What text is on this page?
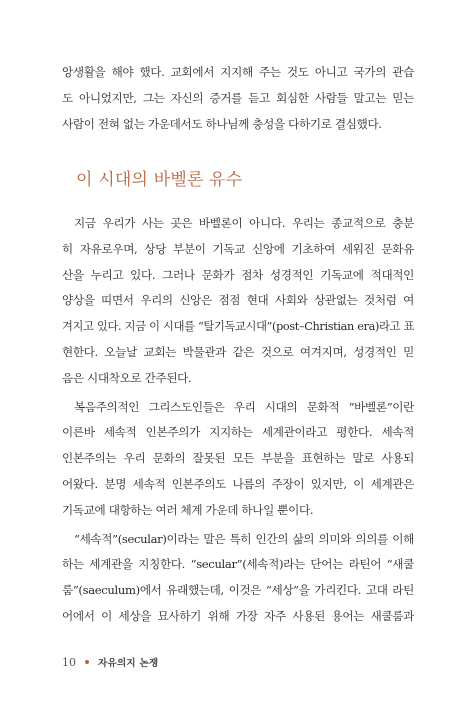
앙생활을 해야 했다. 교회에서 지지해 주는 것도 아니고 국가의 관습
도 아니었지만, 그는 자신의 증거를 듣고 회심한 사람들 말고는 믿는
사람이 전혀 없는 가운데서도 하나님께 충성을 다하기로 결심했다.
이 시대의 바벨론 유수
지금 우리가 사는 곳은 바벨론이 아니다. 우리는 종교적으로 충분
히 자유로우며, 상당 부분이 기독교 신앙에 기초하여 세워진 문화유
산을 누리고 있다. 그러나 문화가 점차 성경적인 기독교에 적대적인
양상을 띠면서 우리의 신앙은 점점 현대 사회와 상관없는 것처럼 여
겨지고 있다. 지금 이 시대를 “탈기독교시대”(post–Christian era)라고 표
현한다. 오늘날 교회는 박물관과 같은 것으로 여겨지며, 성경적인 믿
음은 시대착오로 간주된다.
복음주의적인 그리스도인들은 우리 시대의 문화적 “바벨론”이란
이른바 세속적 인본주의가 지지하는 세계관이라고 평한다. 세속적
인본주의는 우리 문화의 잘못된 모든 부분을 표현하는 말로 사용되
어왔다. 분명 세속적 인본주의도 나름의 주장이 있지만, 이 세계관은
기독교에 대항하는 여러 체계 가운데 하나일 뿐이다.
“세속적”(secular)이라는 말은 특히 인간의 삶의 의미와 의의를 이해
하는 세계관을 지칭한다. “secular”(세속적)라는 단어는 라틴어 “새쿨
룸”(saeculum)에서 유래했는데, 이것은 “세상”을 가리킨다. 고대 라틴
어에서 이 세상을 묘사하기 위해 가장 자주 사용된 용어는 새쿨룸과
10 자유의지 논쟁
